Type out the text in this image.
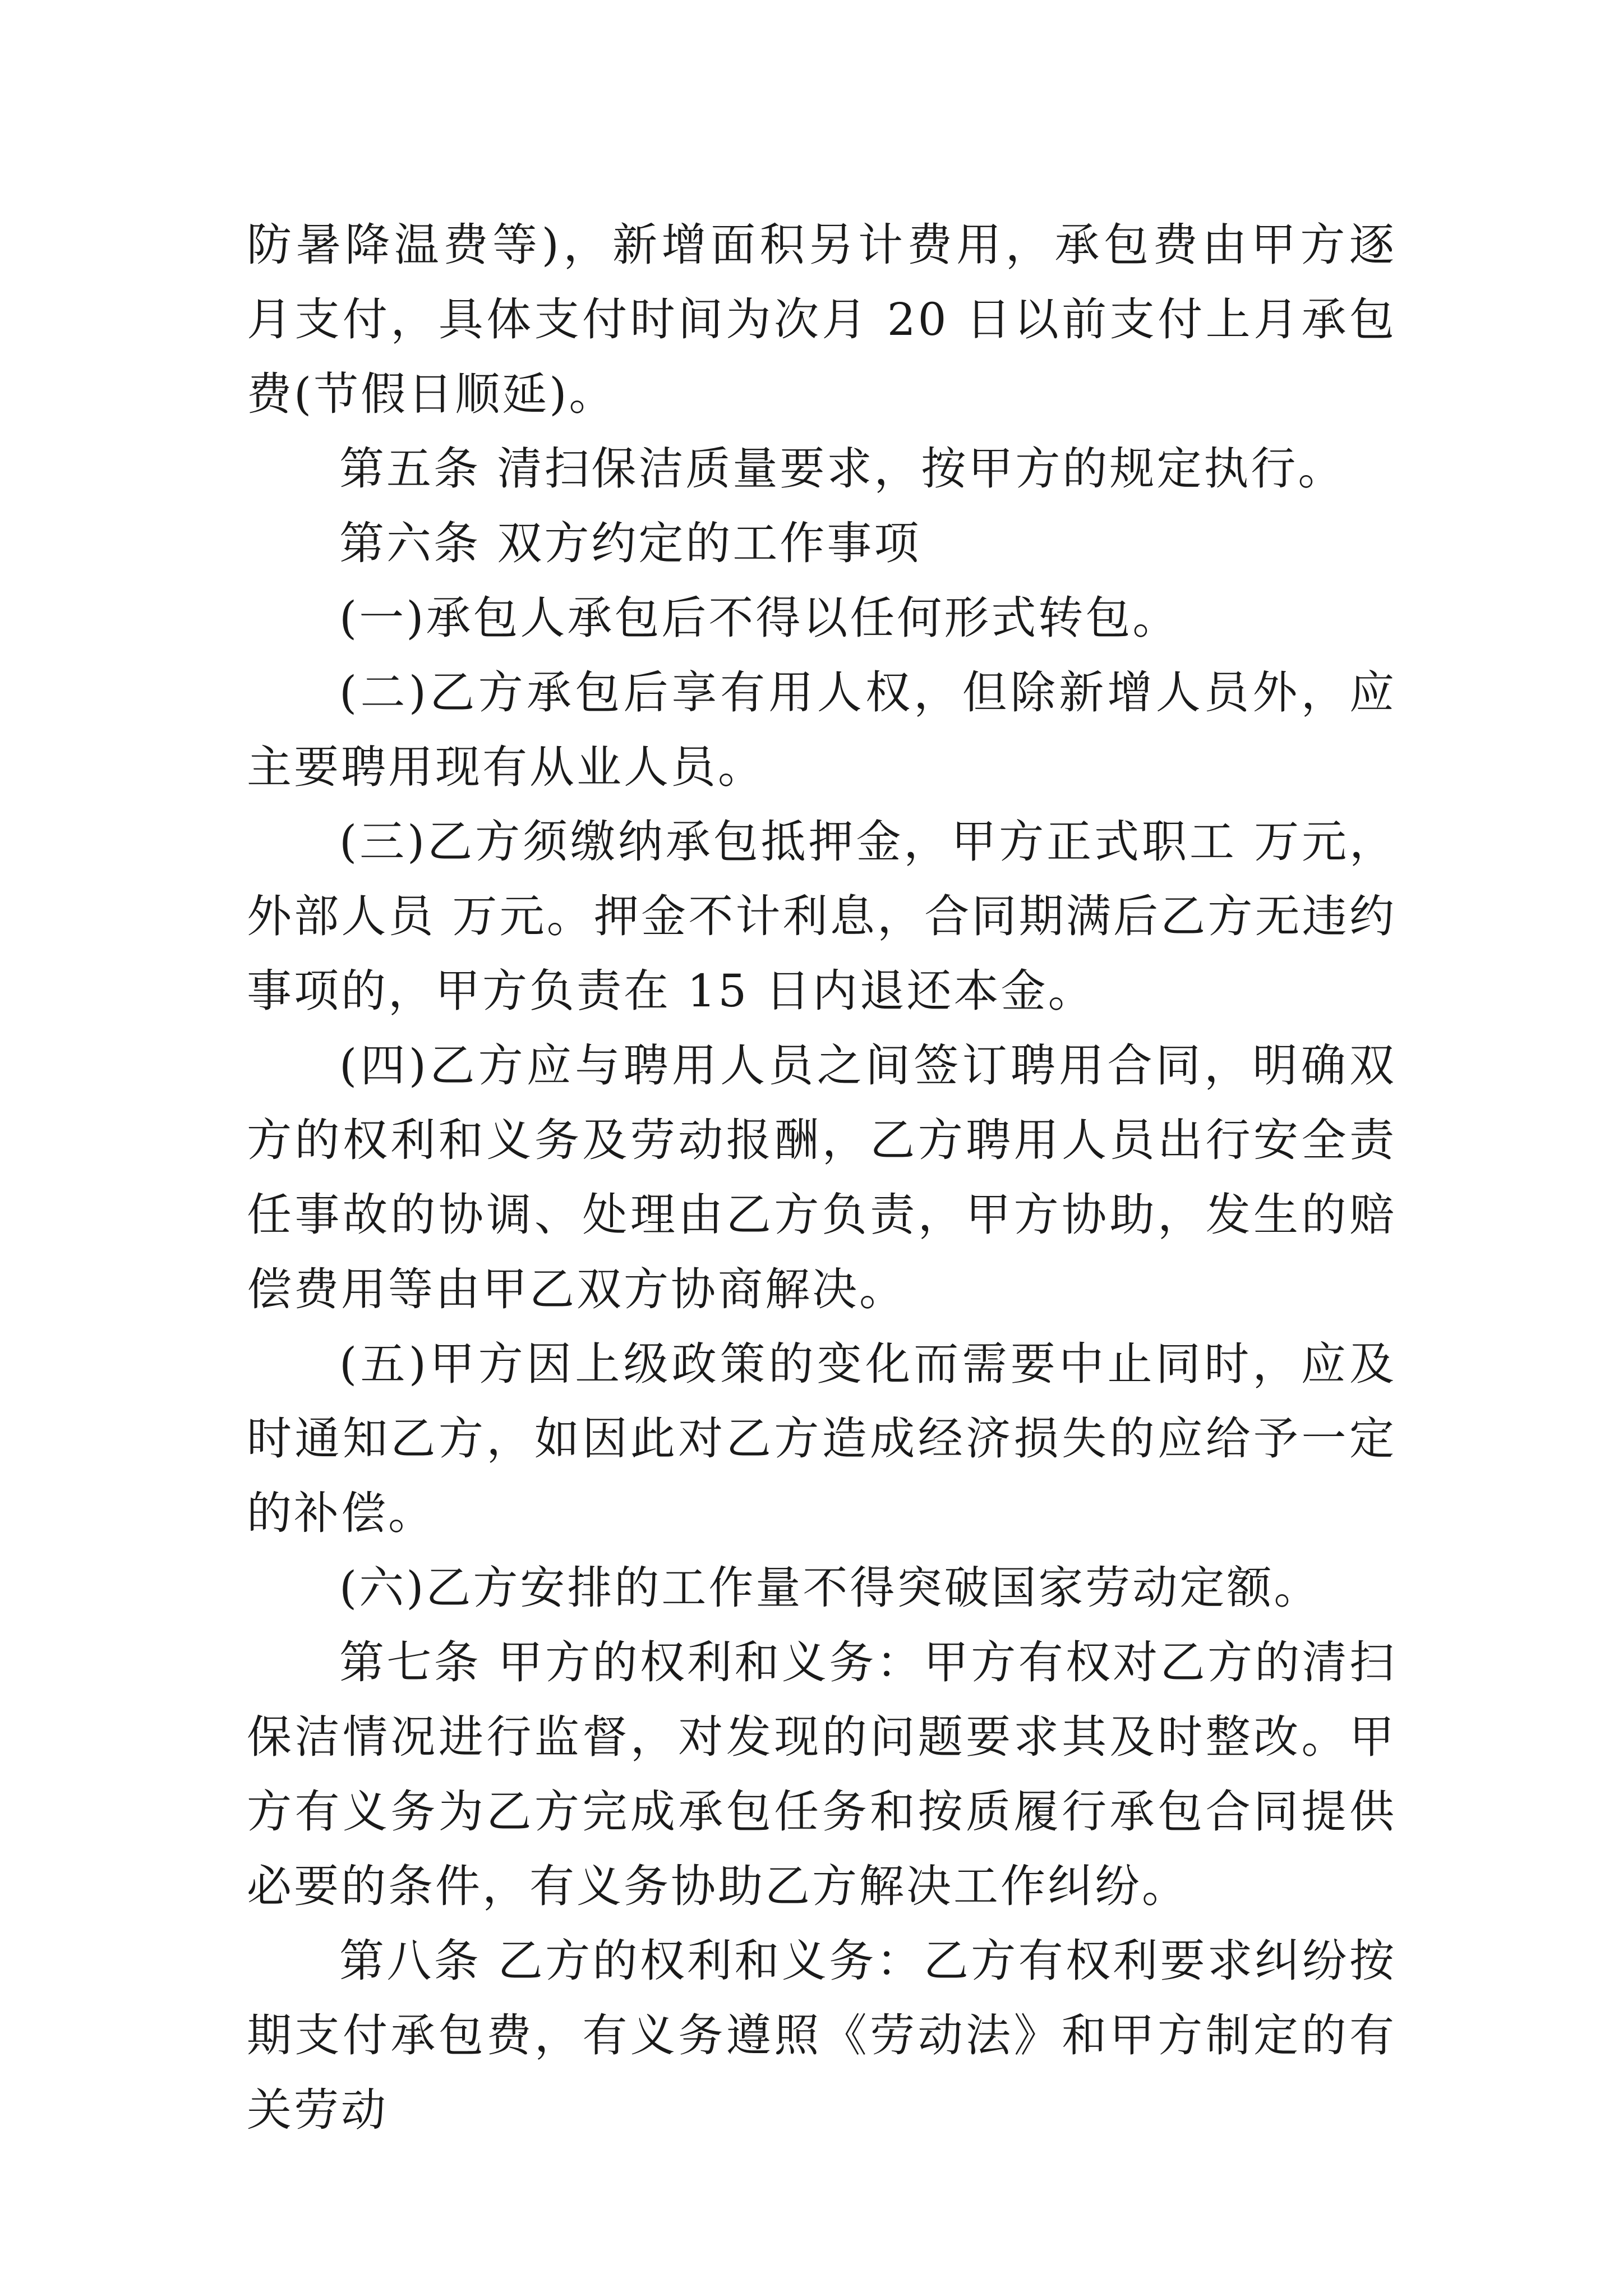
防暑降温费等)，新增面积另计费用，承包费由甲方逐月支付，具体支付时间为次月 20 日以前支付上月承包费(节假日顺延)。

第五条 清扫保洁质量要求，按甲方的规定执行。

第六条 双方约定的工作事项

(一)承包人承包后不得以任何形式转包。

(二)乙方承包后享有用人权，但除新增人员外，应主要聘用现有从业人员。

(三)乙方须缴纳承包抵押金，甲方正式职工 万元，外部人员 万元。押金不计利息，合同期满后乙方无违约事项的，甲方负责在 15 日内退还本金。

(四)乙方应与聘用人员之间签订聘用合同，明确双方的权利和义务及劳动报酬，乙方聘用人员出行安全责任事故的协调、处理由乙方负责，甲方协助，发生的赔偿费用等由甲乙双方协商解决。

(五)甲方因上级政策的变化而需要中止同时，应及时通知乙方，如因此对乙方造成经济损失的应给予一定的补偿。

(六)乙方安排的工作量不得突破国家劳动定额。

第七条 甲方的权利和义务：甲方有权对乙方的清扫保洁情况进行监督，对发现的问题要求其及时整改。甲方有义务为乙方完成承包任务和按质履行承包合同提供必要的条件，有义务协助乙方解决工作纠纷。

第八条 乙方的权利和义务：乙方有权利要求纠纷按期支付承包费，有义务遵照《劳动法》和甲方制定的有关劳动
